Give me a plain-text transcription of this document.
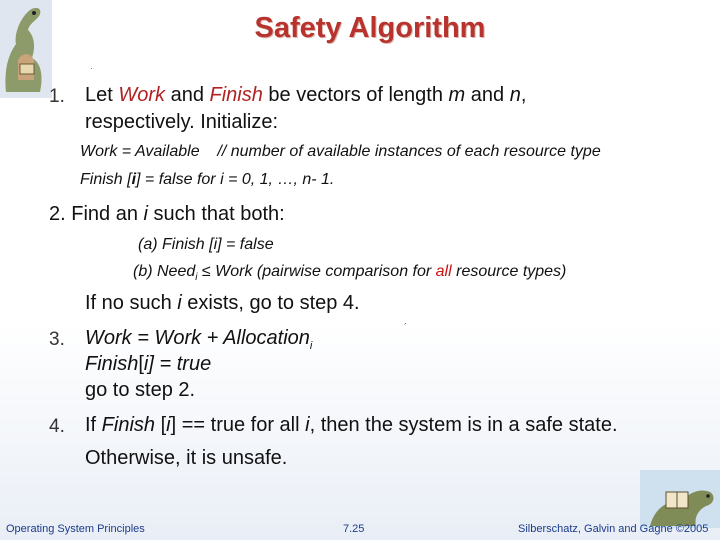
Safety Algorithm
·
1. Let Work and Finish be vectors of length m and n,
respectively. Initialize:
Work = Available    // number of available instances of each resource type
Finish [i] = false for i = 0, 1, …, n- 1.
2. Find an i such that both:
(a) Finish [i] = false
(b) Need$_i$ ≤ Work (pairwise comparison for all resource types)
If no such i exists, go to step 4.
3. Work = Work + Allocation$_i$
´
Finish[i] = true
go to step 2.
4. If Finish [i] == true for all i, then the system is in a safe state.
Otherwise, it is unsafe.
Operating System Principles	7.25	Silberschatz, Galvin and Gagne ©2005
